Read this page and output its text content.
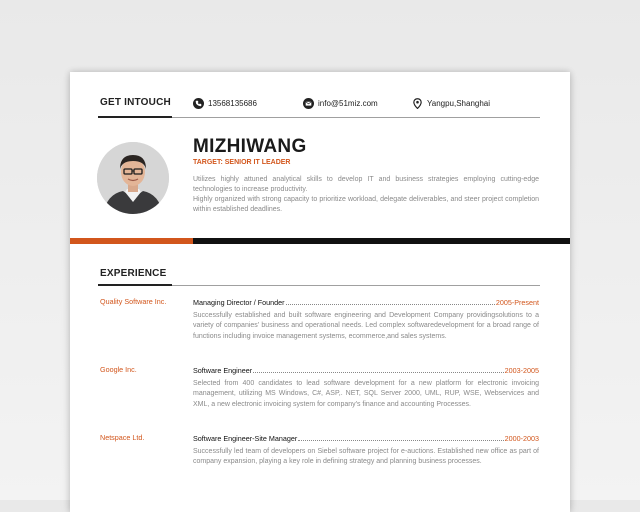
GET INTOUCH	13568135686	info@51miz.com	Yangpu,Shanghai
MIZHIWANG
TARGET: SENIOR IT LEADER

Utilizes highly attuned analytical skills to develop IT and business strategies employing cutting-edge technologies to increase productivity.

Highly organized with strong capacity to prioritize workload, delegate deliverables, and steer project completion within established deadlines.

EXPERIENCE
Quality Software Inc.	Managing Director / Founder	2005-Present
Successfully established and built software engineering and Development Company providingsolutions to a variety of companies' business and operational needs. Led complex softwaredevelopment for a broad range of functions including invoice management systems, ecommerce,and sales systems.
Google Inc.	Software Engineer	2003-2005
Selected from 400 candidates to lead software development for a new platform for electronic invoicing management, utilizing MS Windows, C#, ASP,. NET, SQL Server 2000, UML, RUP, WSE, Webservices and XML, a new electronic invoicing system for company's finance and accounting Processes.
Netspace Ltd.	Software Engineer-Site Manager	2000-2003
Successfully led team of developers on Siebel software project for e-auctions. Established new office as part of company expansion, playing a key role in defining strategy and planning business processes.
